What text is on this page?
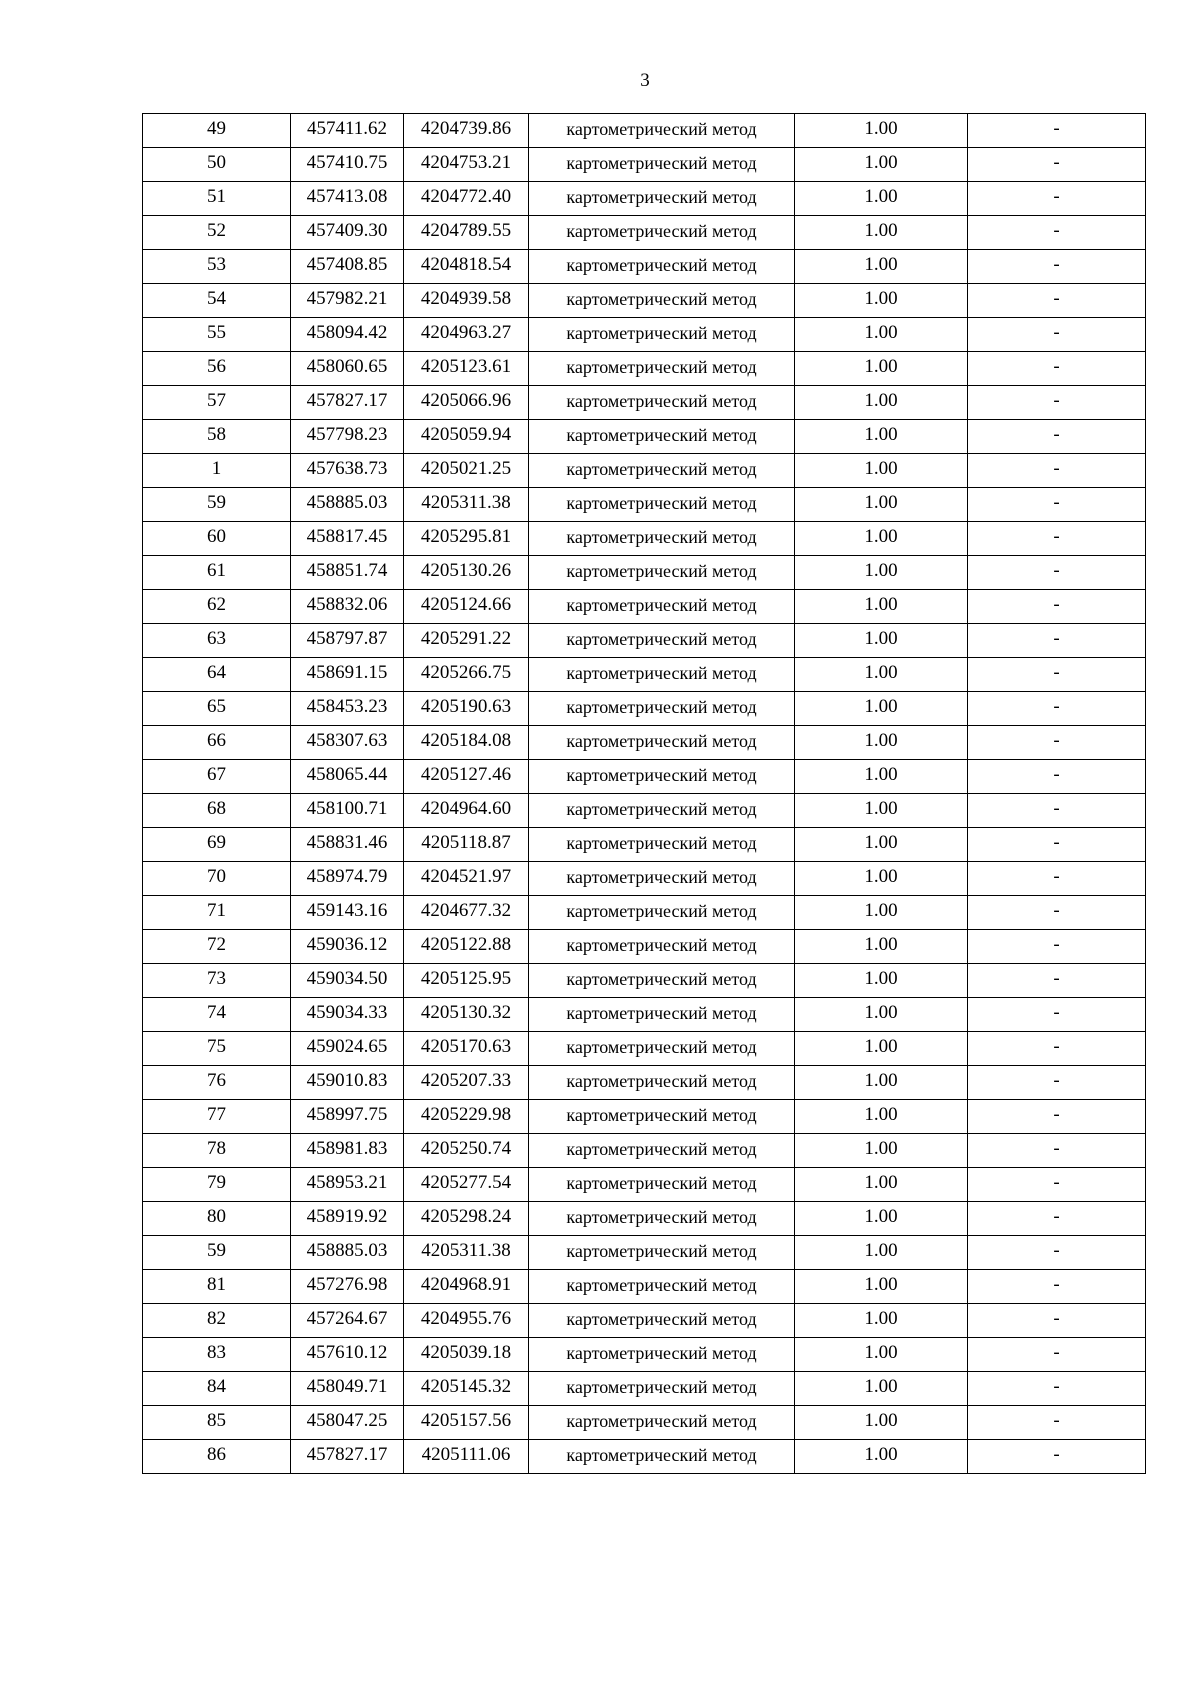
3
49	457411.62	4204739.86	картометрический метод	1.00	-
50	457410.75	4204753.21	картометрический метод	1.00	-
51	457413.08	4204772.40	картометрический метод	1.00	-
52	457409.30	4204789.55	картометрический метод	1.00	-
53	457408.85	4204818.54	картометрический метод	1.00	-
54	457982.21	4204939.58	картометрический метод	1.00	-
55	458094.42	4204963.27	картометрический метод	1.00	-
56	458060.65	4205123.61	картометрический метод	1.00	-
57	457827.17	4205066.96	картометрический метод	1.00	-
58	457798.23	4205059.94	картометрический метод	1.00	-
1	457638.73	4205021.25	картометрический метод	1.00	-
59	458885.03	4205311.38	картометрический метод	1.00	-
60	458817.45	4205295.81	картометрический метод	1.00	-
61	458851.74	4205130.26	картометрический метод	1.00	-
62	458832.06	4205124.66	картометрический метод	1.00	-
63	458797.87	4205291.22	картометрический метод	1.00	-
64	458691.15	4205266.75	картометрический метод	1.00	-
65	458453.23	4205190.63	картометрический метод	1.00	-
66	458307.63	4205184.08	картометрический метод	1.00	-
67	458065.44	4205127.46	картометрический метод	1.00	-
68	458100.71	4204964.60	картометрический метод	1.00	-
69	458831.46	4205118.87	картометрический метод	1.00	-
70	458974.79	4204521.97	картометрический метод	1.00	-
71	459143.16	4204677.32	картометрический метод	1.00	-
72	459036.12	4205122.88	картометрический метод	1.00	-
73	459034.50	4205125.95	картометрический метод	1.00	-
74	459034.33	4205130.32	картометрический метод	1.00	-
75	459024.65	4205170.63	картометрический метод	1.00	-
76	459010.83	4205207.33	картометрический метод	1.00	-
77	458997.75	4205229.98	картометрический метод	1.00	-
78	458981.83	4205250.74	картометрический метод	1.00	-
79	458953.21	4205277.54	картометрический метод	1.00	-
80	458919.92	4205298.24	картометрический метод	1.00	-
59	458885.03	4205311.38	картометрический метод	1.00	-
81	457276.98	4204968.91	картометрический метод	1.00	-
82	457264.67	4204955.76	картометрический метод	1.00	-
83	457610.12	4205039.18	картометрический метод	1.00	-
84	458049.71	4205145.32	картометрический метод	1.00	-
85	458047.25	4205157.56	картометрический метод	1.00	-
86	457827.17	4205111.06	картометрический метод	1.00	-
